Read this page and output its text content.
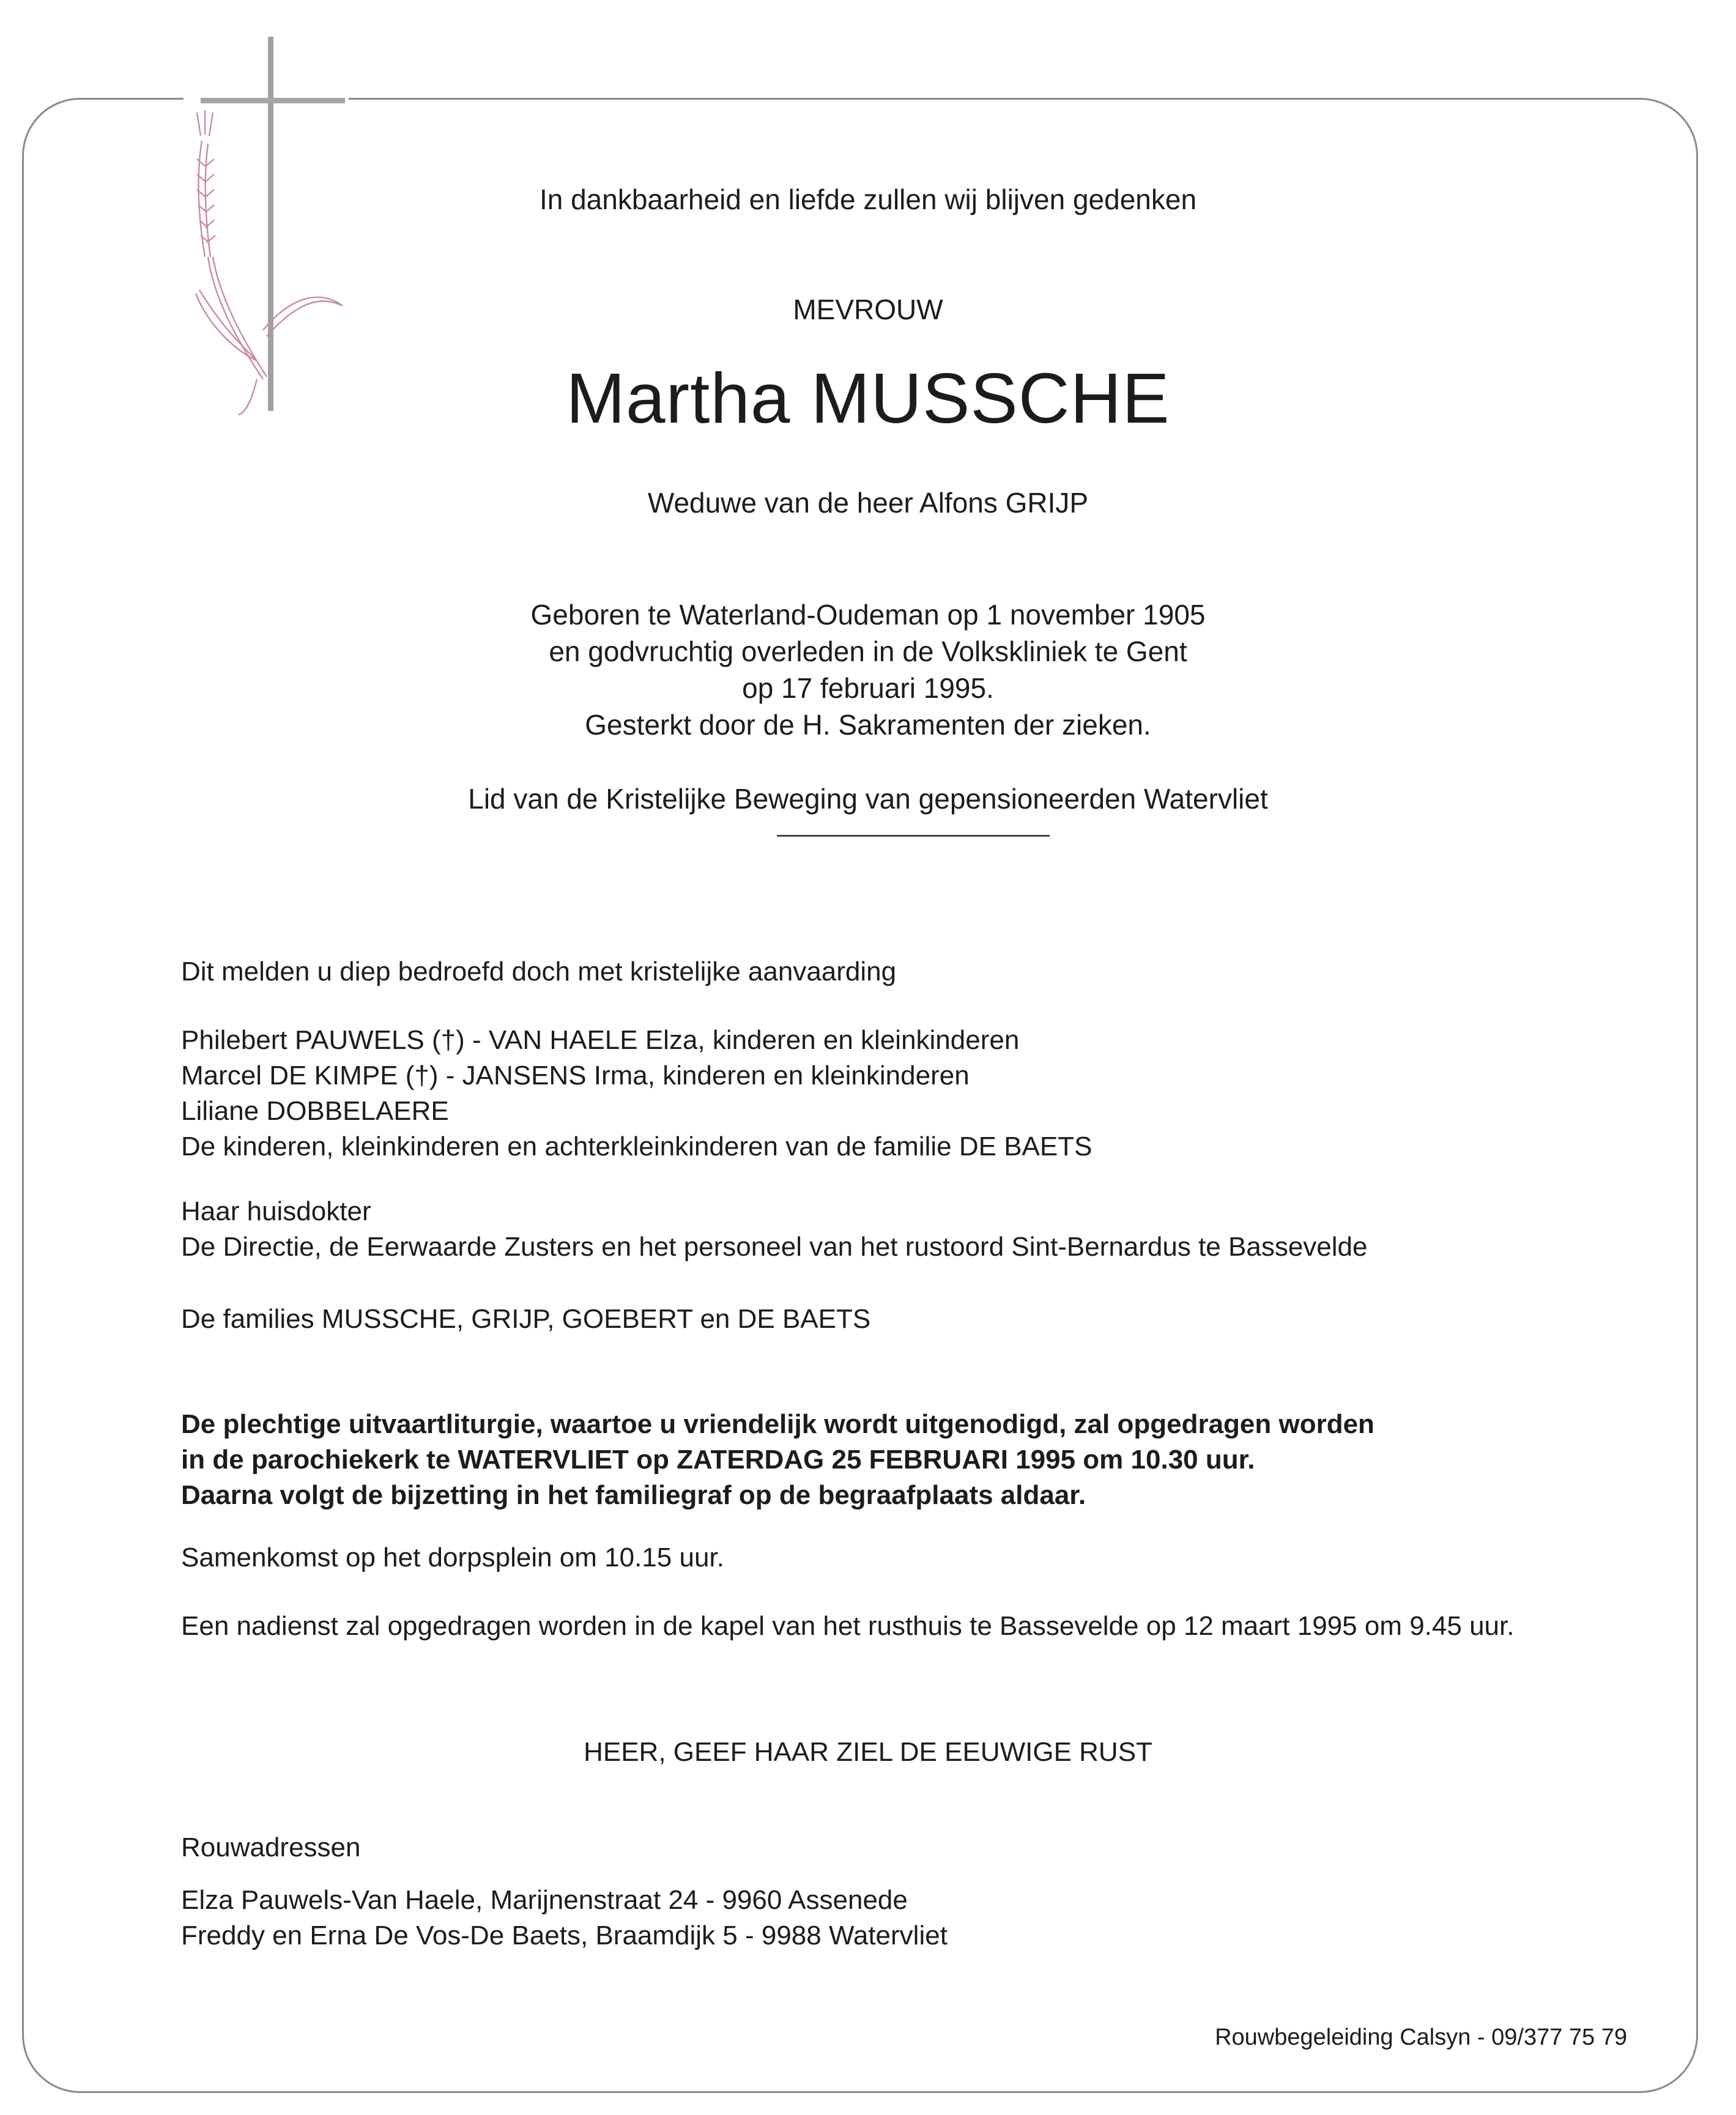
In dankbaarheid en liefde zullen wij blijven gedenken
MEVROUW
Martha MUSSCHE
Weduwe van de heer Alfons GRIJP
Geboren te Waterland-Oudeman op 1 november 1905
en godvruchtig overleden in de Volkskliniek te Gent
op 17 februari 1995.
Gesterkt door de H. Sakramenten der zieken.
Lid van de Kristelijke Beweging van gepensioneerden Watervliet
Dit melden u diep bedroefd doch met kristelijke aanvaarding
Philebert PAUWELS (†) - VAN HAELE Elza, kinderen en kleinkinderen
Marcel DE KIMPE (†) - JANSENS Irma, kinderen en kleinkinderen
Liliane DOBBELAERE
De kinderen, kleinkinderen en achterkleinkinderen van de familie DE BAETS
Haar huisdokter
De Directie, de Eerwaarde Zusters en het personeel van het rustoord Sint-Bernardus te Bassevelde
De families MUSSCHE, GRIJP, GOEBERT en DE BAETS
De plechtige uitvaartliturgie, waartoe u vriendelijk wordt uitgenodigd, zal opgedragen worden
in de parochiekerk te WATERVLIET op ZATERDAG 25 FEBRUARI 1995 om 10.30 uur.
Daarna volgt de bijzetting in het familiegraf op de begraafplaats aldaar.
Samenkomst op het dorpsplein om 10.15 uur.
Een nadienst zal opgedragen worden in de kapel van het rusthuis te Bassevelde op 12 maart 1995 om 9.45 uur.
HEER, GEEF HAAR ZIEL DE EEUWIGE RUST
Rouwadressen
Elza Pauwels-Van Haele, Marijnenstraat 24 - 9960 Assenede
Freddy en Erna De Vos-De Baets, Braamdijk 5 - 9988 Watervliet
Rouwbegeleiding Calsyn - 09/377 75 79
